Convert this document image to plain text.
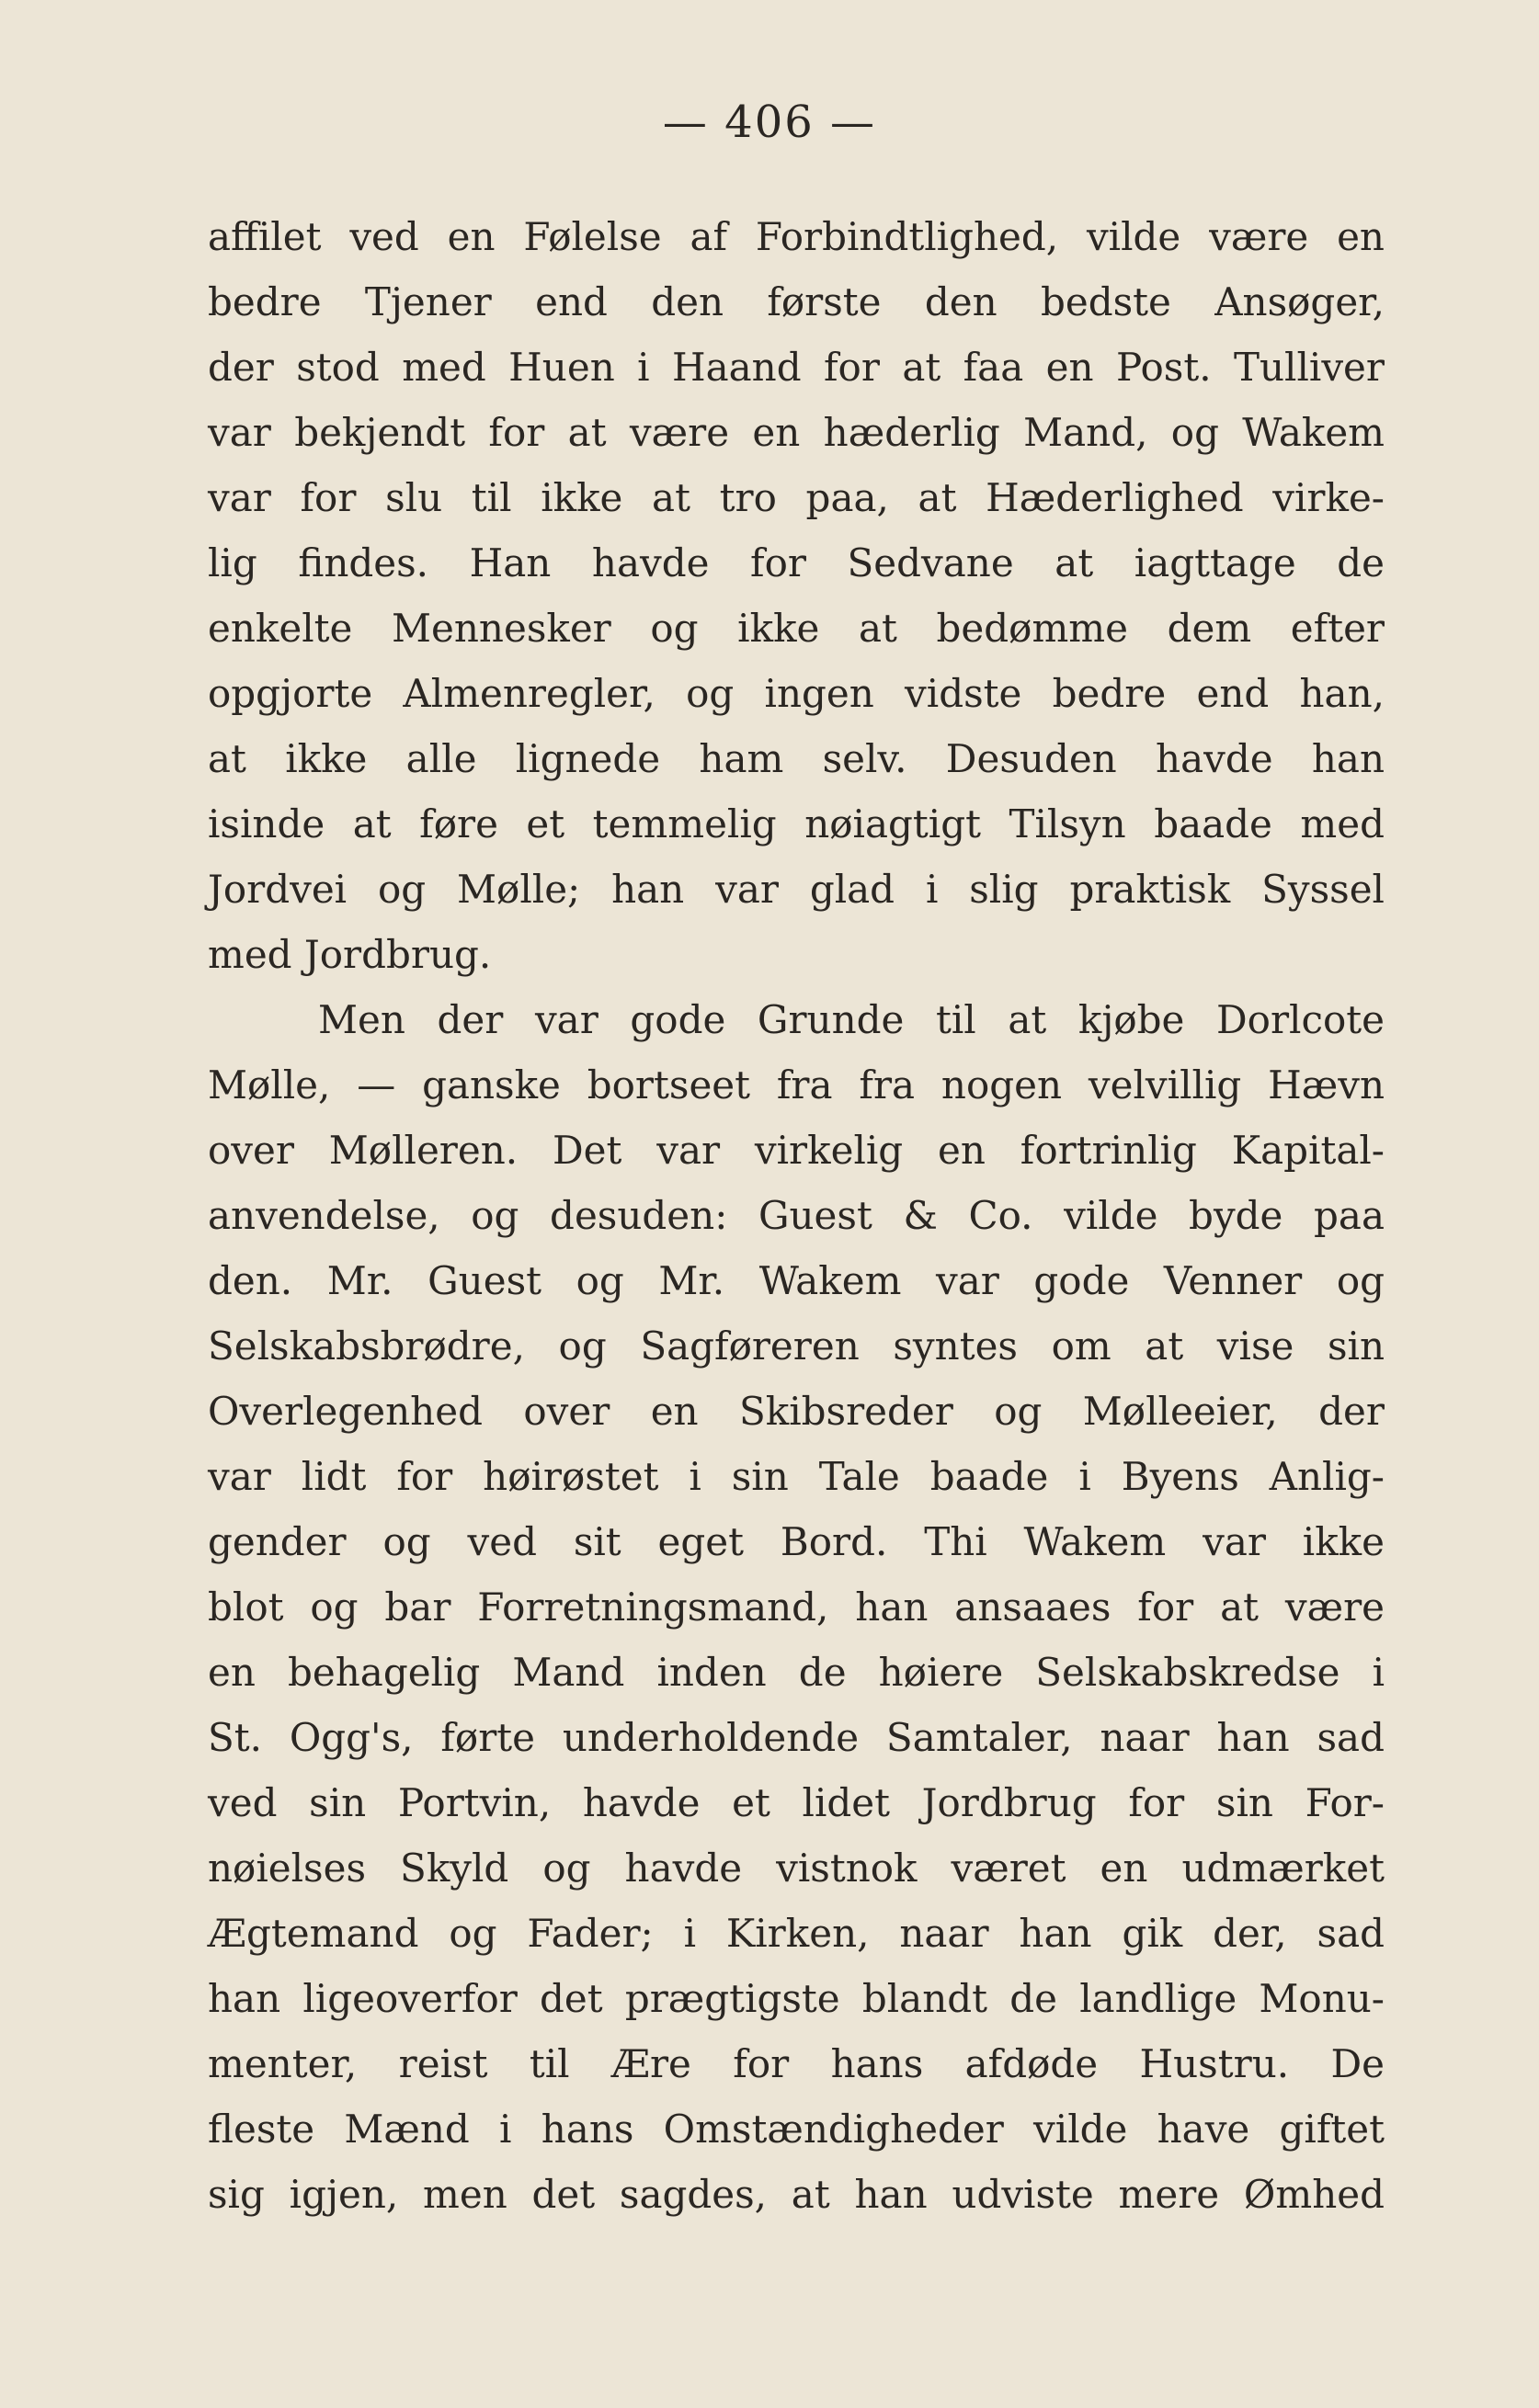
— 406 —
affilet ved en Følelse af Forbindtlighed, vilde være en
bedre Tjener end den første den bedste Ansøger,
der stod med Huen i Haand for at faa en Post. Tulliver
var bekjendt for at være en hæderlig Mand, og Wakem
var for slu til ikke at tro paa, at Hæderlighed virke-
lig findes. Han havde for Sedvane at iagttage de
enkelte Mennesker og ikke at bedømme dem efter
opgjorte Almenregler, og ingen vidste bedre end han,
at ikke alle lignede ham selv. Desuden havde han
isinde at føre et temmelig nøiagtigt Tilsyn baade med
Jordvei og Mølle; han var glad i slig praktisk Syssel
med Jordbrug.
Men der var gode Grunde til at kjøbe Dorlcote
Mølle, — ganske bortseet fra fra nogen velvillig Hævn
over Mølleren. Det var virkelig en fortrinlig Kapital-
anvendelse, og desuden: Guest & Co. vilde byde paa
den. Mr. Guest og Mr. Wakem var gode Venner og
Selskabsbrødre, og Sagføreren syntes om at vise sin
Overlegenhed over en Skibsreder og Mølleeier, der
var lidt for høirøstet i sin Tale baade i Byens Anlig-
gender og ved sit eget Bord. Thi Wakem var ikke
blot og bar Forretningsmand, han ansaaes for at være
en behagelig Mand inden de høiere Selskabskredse i
St. Ogg's, førte underholdende Samtaler, naar han sad
ved sin Portvin, havde et lidet Jordbrug for sin For-
nøielses Skyld og havde vistnok været en udmærket
Ægtemand og Fader; i Kirken, naar han gik der, sad
han ligeoverfor det prægtigste blandt de landlige Monu-
menter, reist til Ære for hans afdøde Hustru. De
fleste Mænd i hans Omstændigheder vilde have giftet
sig igjen, men det sagdes, at han udviste mere Ømhed
